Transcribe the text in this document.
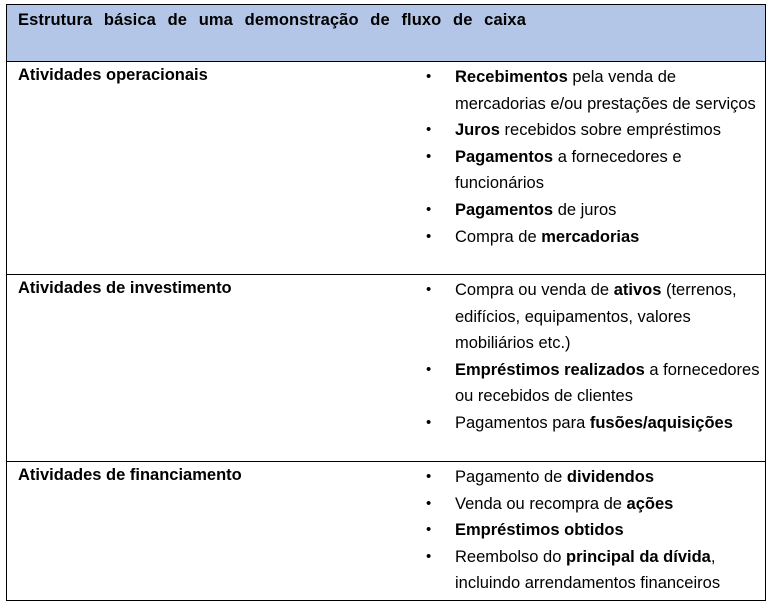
Estrutura básica de uma demonstração de fluxo de caixa
Atividades operacionais	• Recebimentos pela venda de mercadorias e/ou prestações de serviços
• Juros recebidos sobre empréstimos
• Pagamentos a fornecedores e funcionários
• Pagamentos de juros
• Compra de mercadorias
Atividades de investimento	• Compra ou venda de ativos (terrenos, edifícios, equipamentos, valores mobiliários etc.)
• Empréstimos realizados a fornecedores ou recebidos de clientes
• Pagamentos para fusões/aquisições
Atividades de financiamento	• Pagamento de dividendos
• Venda ou recompra de ações
• Empréstimos obtidos
• Reembolso do principal da dívida, incluindo arrendamentos financeiros
